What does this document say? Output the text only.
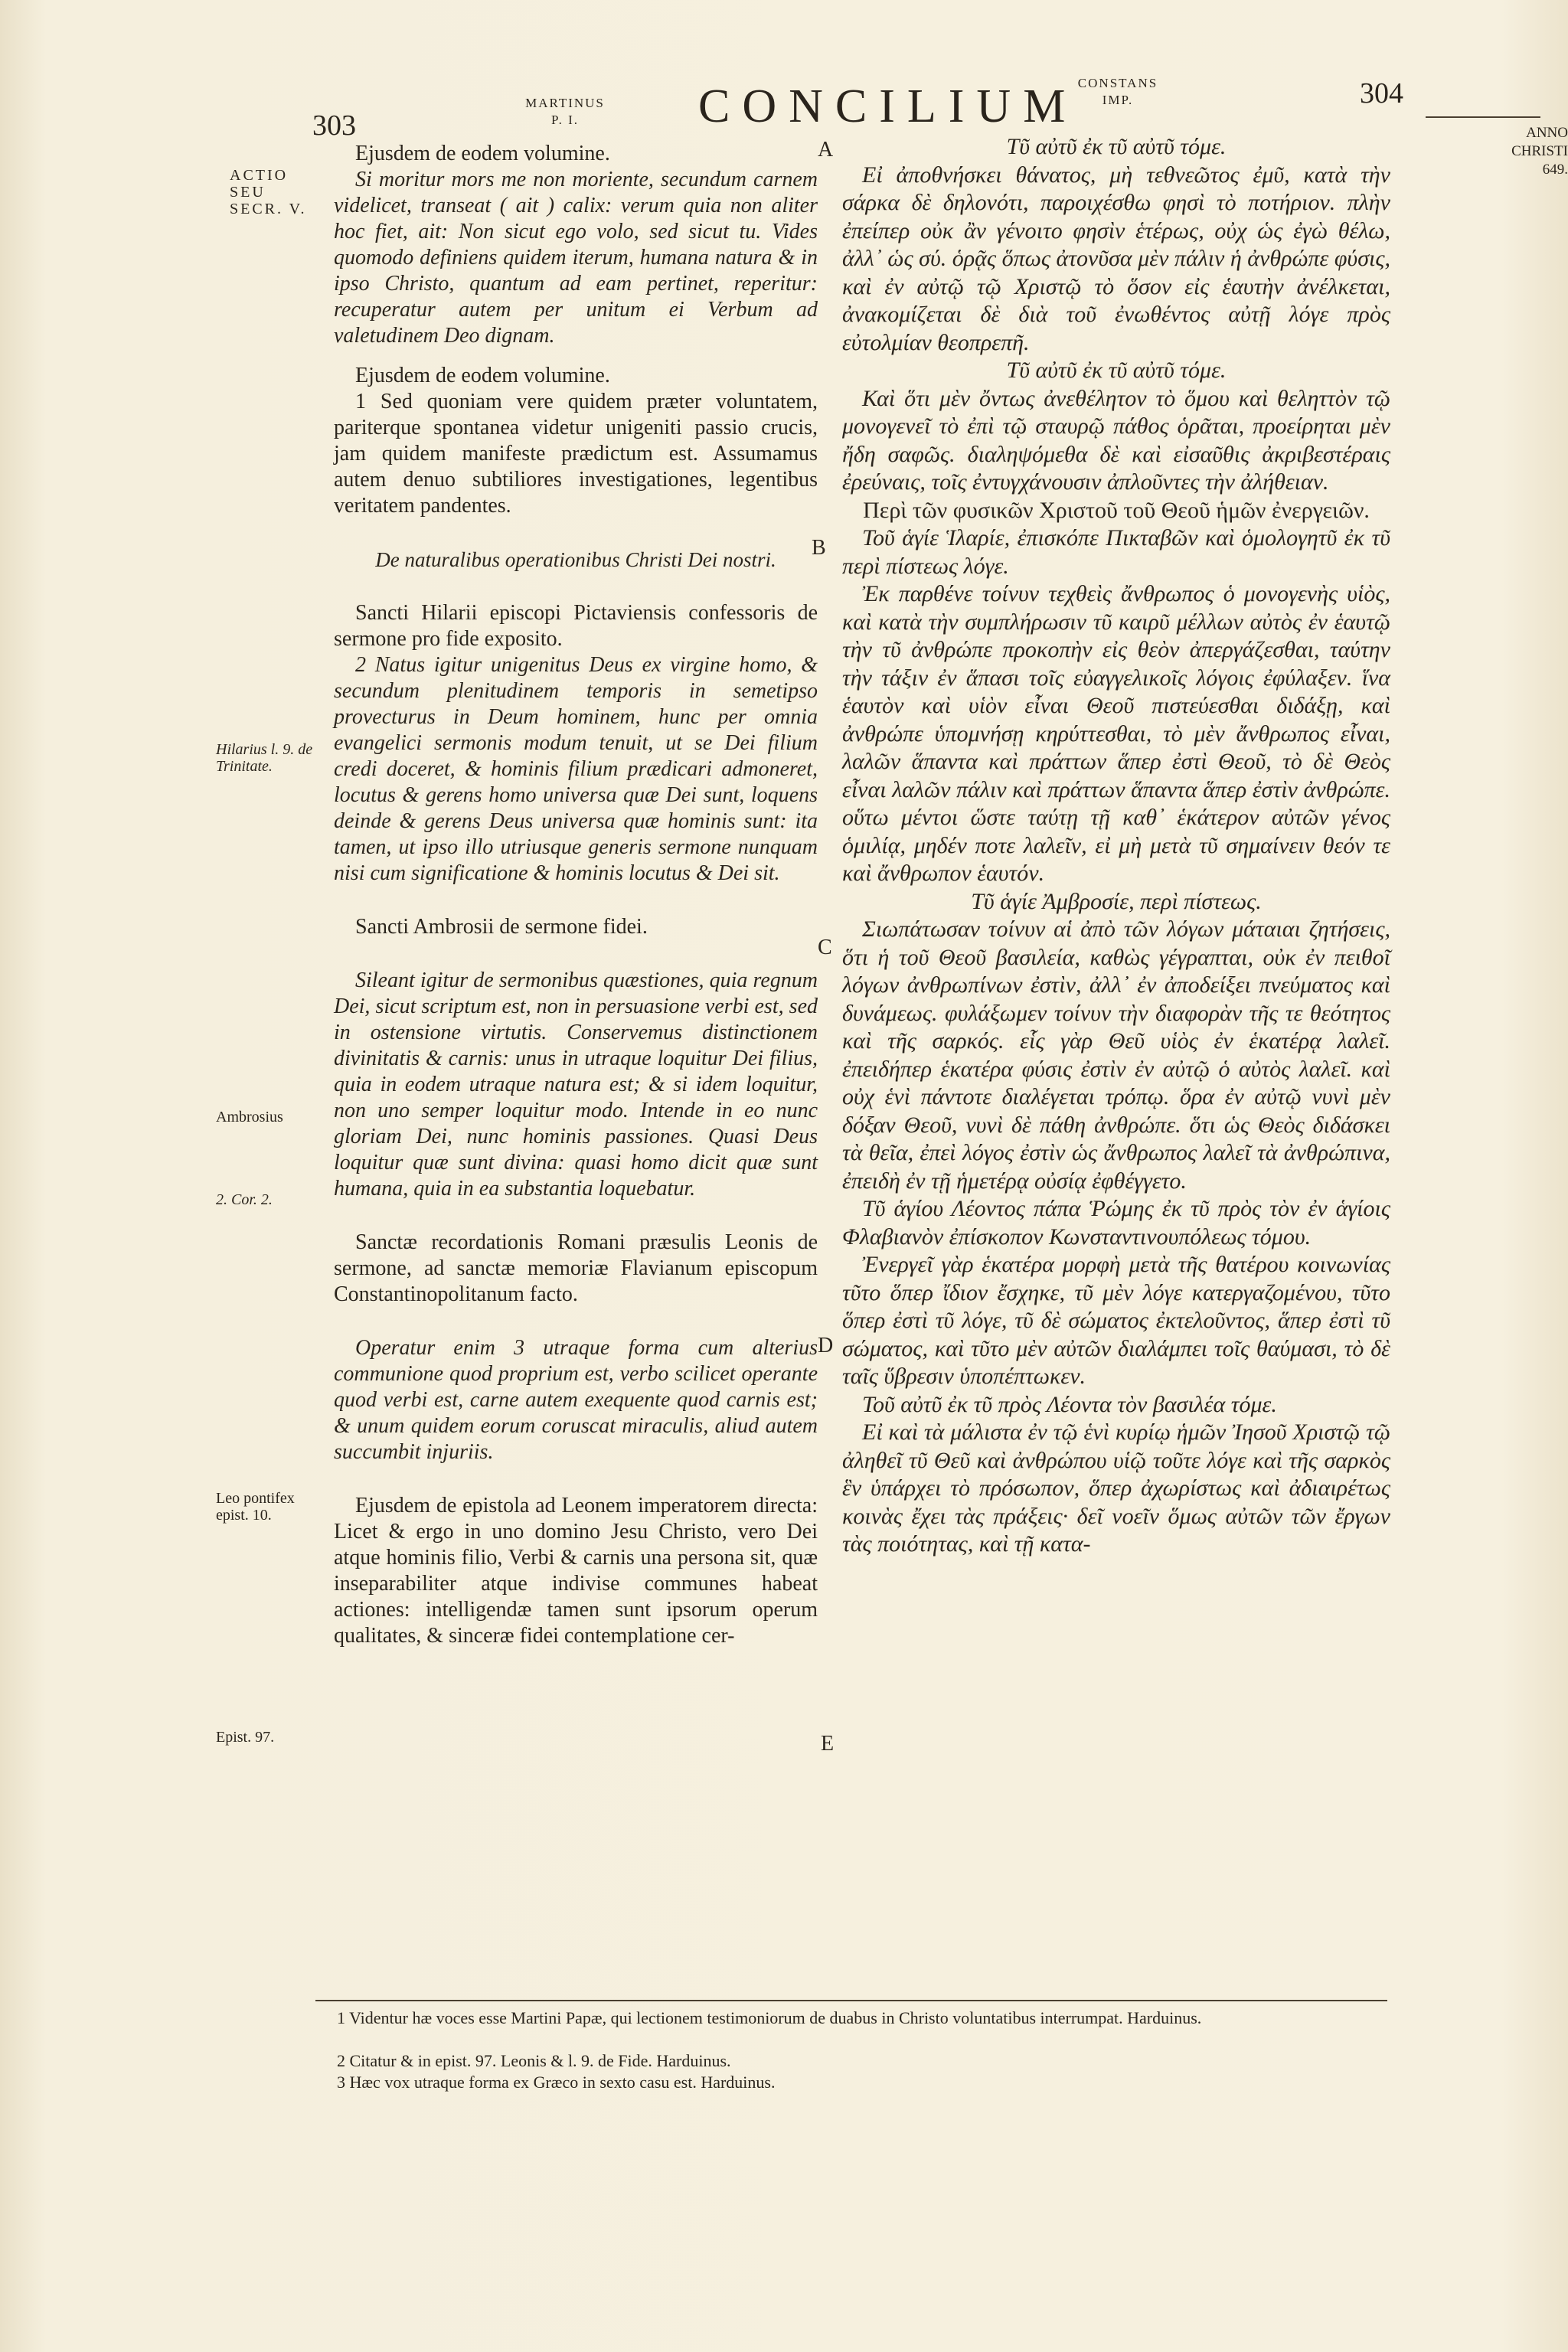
303
MARTINUS
P. I.	CONCILIUM CONSTANS
IMP.	304
ANNO
CHRISTI
649.
ACTIO SEU SECR. V.
Hilarius l. 9. de Trinitate.
Ambrosius
2. Cor. 2.
Leo pontifex epist. 10.
Epist. 97.
A
B
C
D
E

Ejusdem de eodem volumine.

Si moritur mors me non moriente, secundum carnem videlicet, transeat ( ait ) calix: verum quia non aliter hoc fiet, ait: Non sicut ego volo, sed sicut tu. Vides quomodo definiens quidem iterum, humana natura & in ipso Christo, quantum ad eam pertinet, reperitur: recuperatur autem per unitum ei Verbum ad valetudinem Deo dignam.

Ejusdem de eodem volumine.

1 Sed quoniam vere quidem præter voluntatem, pariterque spontanea videtur unigeniti passio crucis, jam quidem manifeste prædictum est. Assumamus autem denuo subtiliores investigationes, legentibus veritatem pandentes.

De naturalibus operationibus Christi Dei nostri.

Sancti Hilarii episcopi Pictaviensis confessoris de sermone pro fide exposito.

2 Natus igitur unigenitus Deus ex virgine homo, & secundum plenitudinem temporis in semetipso provecturus in Deum hominem, hunc per omnia evangelici sermonis modum tenuit, ut se Dei filium credi doceret, & hominis filium prædicari admoneret, locutus & gerens homo universa quæ Dei sunt, loquens deinde & gerens Deus universa quæ hominis sunt: ita tamen, ut ipso illo utriusque generis sermone nunquam nisi cum significatione & hominis locutus & Dei sit.

Sancti Ambrosii de sermone fidei.

Sileant igitur de sermonibus quæstiones, quia regnum Dei, sicut scriptum est, non in persuasione verbi est, sed in ostensione virtutis. Conservemus distinctionem divinitatis & carnis: unus in utraque loquitur Dei filius, quia in eodem utraque natura est; & si idem loquitur, non uno semper loquitur modo. Intende in eo nunc gloriam Dei, nunc hominis passiones. Quasi Deus loquitur quæ sunt divina: quasi homo dicit quæ sunt humana, quia in ea substantia loquebatur.

Sanctæ recordationis Romani præsulis Leonis de sermone, ad sanctæ memoriæ Flavianum episcopum Constantinopolitanum facto.

Operatur enim 3 utraque forma cum alterius communione quod proprium est, verbo scilicet operante quod verbi est, carne autem exequente quod carnis est; & unum quidem eorum coruscat miraculis, aliud autem succumbit injuriis.

Ejusdem de epistola ad Leonem imperatorem directa: Licet & ergo in uno domino Jesu Christo, vero Dei atque hominis filio, Verbi & carnis una persona sit, quæ inseparabiliter atque indivise communes habeat actiones: intelligendæ tamen sunt ipsorum operum qualitates, & sinceræ fidei contemplatione cer-

Τῦ αὐτῦ ἐκ τῦ αὐτῦ τόμε.

Εἰ ἀποθνήσκει θάνατος, μὴ τεθνεῶτος ἐμῦ, κατὰ τὴν σάρκα δὲ δηλονότι, παροιχέσθω φησὶ τὸ ποτήριον. πλὴν ἐπείπερ οὐκ ἂν γένοιτο φησὶν ἑτέρως, οὐχ ὡς ἐγὼ θέλω, ἀλλ᾽ ὡς σύ. ὁρᾷς ὅπως ἀτονῦσα μὲν πάλιν ἡ ἀνθρώπε φύσις, καὶ ἐν αὐτῷ τῷ Χριστῷ τὸ ὅσον εἰς ἑαυτὴν ἀνέλκεται, ἀνακομίζεται δὲ διὰ τοῦ ἐνωθέντος αὐτῇ λόγε πρὸς εὐτολμίαν θεοπρεπῆ.

Τῦ αὐτῦ ἐκ τῦ αὐτῦ τόμε.

Καὶ ὅτι μὲν ὄντως ἀνεθέλητον τὸ ὅμου καὶ θεληττὸν τῷ μονογενεῖ τὸ ἐπὶ τῷ σταυρῷ πάθος ὁρᾶται, προείρηται μὲν ἤδη σαφῶς. διαληψόμεθα δὲ καὶ εἰσαῦθις ἀκριβεστέραις ἐρεύναις, τοῖς ἐντυγχάνουσιν ἀπλοῦντες τὴν ἀλήθειαν.

Περὶ τῶν φυσικῶν Χριστοῦ τοῦ Θεοῦ ἡμῶν ἐνεργειῶν.

Τοῦ ἁγίε Ἱλαρίε, ἐπισκόπε Πικταβῶν καὶ ὁμολογητῦ ἐκ τῦ περὶ πίστεως λόγε.

Ἐκ παρθένε τοίνυν τεχθεὶς ἄνθρωπος ὁ μονογενὴς υἱὸς, καὶ κατὰ τὴν συμπλήρωσιν τῦ καιρῦ μέλλων αὐτὸς ἐν ἑαυτῷ τὴν τῦ ἀνθρώπε προκοπὴν εἰς θεὸν ἀπεργάζεσθαι, ταύτην τὴν τάξιν ἐν ἅπασι τοῖς εὐαγγελικοῖς λόγοις ἐφύλαξεν. ἵνα ἑαυτὸν καὶ υἱὸν εἶναι Θεοῦ πιστεύεσθαι διδάξῃ, καὶ ἀνθρώπε ὑπομνήσῃ κηρύττεσθαι, τὸ μὲν ἄνθρωπος εἶναι, λαλῶν ἅπαντα καὶ πράττων ἅπερ ἐστὶ Θεοῦ, τὸ δὲ Θεὸς εἶναι λαλῶν πάλιν καὶ πράττων ἅπαντα ἅπερ ἐστὶν ἀνθρώπε. οὕτω μέντοι ὥστε ταύτῃ τῇ καθ᾽ ἑκάτερον αὐτῶν γένος ὁμιλίᾳ, μηδέν ποτε λαλεῖν, εἰ μὴ μετὰ τῦ σημαίνειν θεόν τε καὶ ἄνθρωπον ἑαυτόν.

Τῦ ἁγίε Ἀμβροσίε, περὶ πίστεως.

Σιωπάτωσαν τοίνυν αἱ ἀπὸ τῶν λόγων μάταιαι ζητήσεις, ὅτι ἡ τοῦ Θεοῦ βασιλεία, καθὼς γέγραπται, οὐκ ἐν πειθοῖ λόγων ἀνθρωπίνων ἐστὶν, ἀλλ᾽ ἐν ἀποδείξει πνεύματος καὶ δυνάμεως. φυλάξωμεν τοίνυν τὴν διαφορὰν τῆς τε θεότητος καὶ τῆς σαρκός. εἷς γὰρ Θεῦ υἱὸς ἐν ἑκατέρᾳ λαλεῖ. ἐπειδήπερ ἑκατέρα φύσις ἐστὶν ἐν αὐτῷ ὁ αὐτὸς λαλεῖ. καὶ οὐχ ἑνὶ πάντοτε διαλέγεται τρόπῳ. ὅρα ἐν αὐτῷ νυνὶ μὲν δόξαν Θεοῦ, νυνὶ δὲ πάθη ἀνθρώπε. ὅτι ὡς Θεὸς διδάσκει τὰ θεῖα, ἐπεὶ λόγος ἐστὶν ὡς ἄνθρωπος λαλεῖ τὰ ἀνθρώπινα, ἐπειδὴ ἐν τῇ ἡμετέρᾳ οὐσίᾳ ἐφθέγγετο.

Τῦ ἁγίου Λέοντος πάπα Ῥώμης ἐκ τῦ πρὸς τὸν ἐν ἁγίοις Φλαβιανὸν ἐπίσκοπον Κωνσταντινουπόλεως τόμου.

Ἐνεργεῖ γὰρ ἑκατέρα μορφὴ μετὰ τῆς θατέρου κοινωνίας τῦτο ὅπερ ἴδιον ἔσχηκε, τῦ μὲν λόγε κατεργαζομένου, τῦτο ὅπερ ἐστὶ τῦ λόγε, τῦ δὲ σώματος ἐκτελοῦντος, ἅπερ ἐστὶ τῦ σώματος, καὶ τῦτο μὲν αὐτῶν διαλάμπει τοῖς θαύμασι, τὸ δὲ ταῖς ὕβρεσιν ὑποπέπτωκεν.

Τοῦ αὐτῦ ἐκ τῦ πρὸς Λέοντα τὸν βασιλέα τόμε.

Εἰ καὶ τὰ μάλιστα ἐν τῷ ἑνὶ κυρίῳ ἡμῶν Ἰησοῦ Χριστῷ τῷ ἀληθεῖ τῦ Θεῦ καὶ ἀνθρώπου υἱῷ τοῦτε λόγε καὶ τῆς σαρκὸς ἓν ὑπάρχει τὸ πρόσωπον, ὅπερ ἀχωρίστως καὶ ἀδιαιρέτως κοινὰς ἔχει τὰς πράξεις· δεῖ νοεῖν ὅμως αὐτῶν τῶν ἔργων τὰς ποιότητας, καὶ τῇ κατα-

1 Videntur hæ voces esse Martini Papæ, qui lectionem testimoniorum de duabus in Christo voluntatibus interrumpat. Harduinus.
2 Citatur & in epist. 97. Leonis & l. 9. de Fide. Harduinus.
3 Hæc vox utraque forma ex Græco in sexto casu est. Harduinus.
